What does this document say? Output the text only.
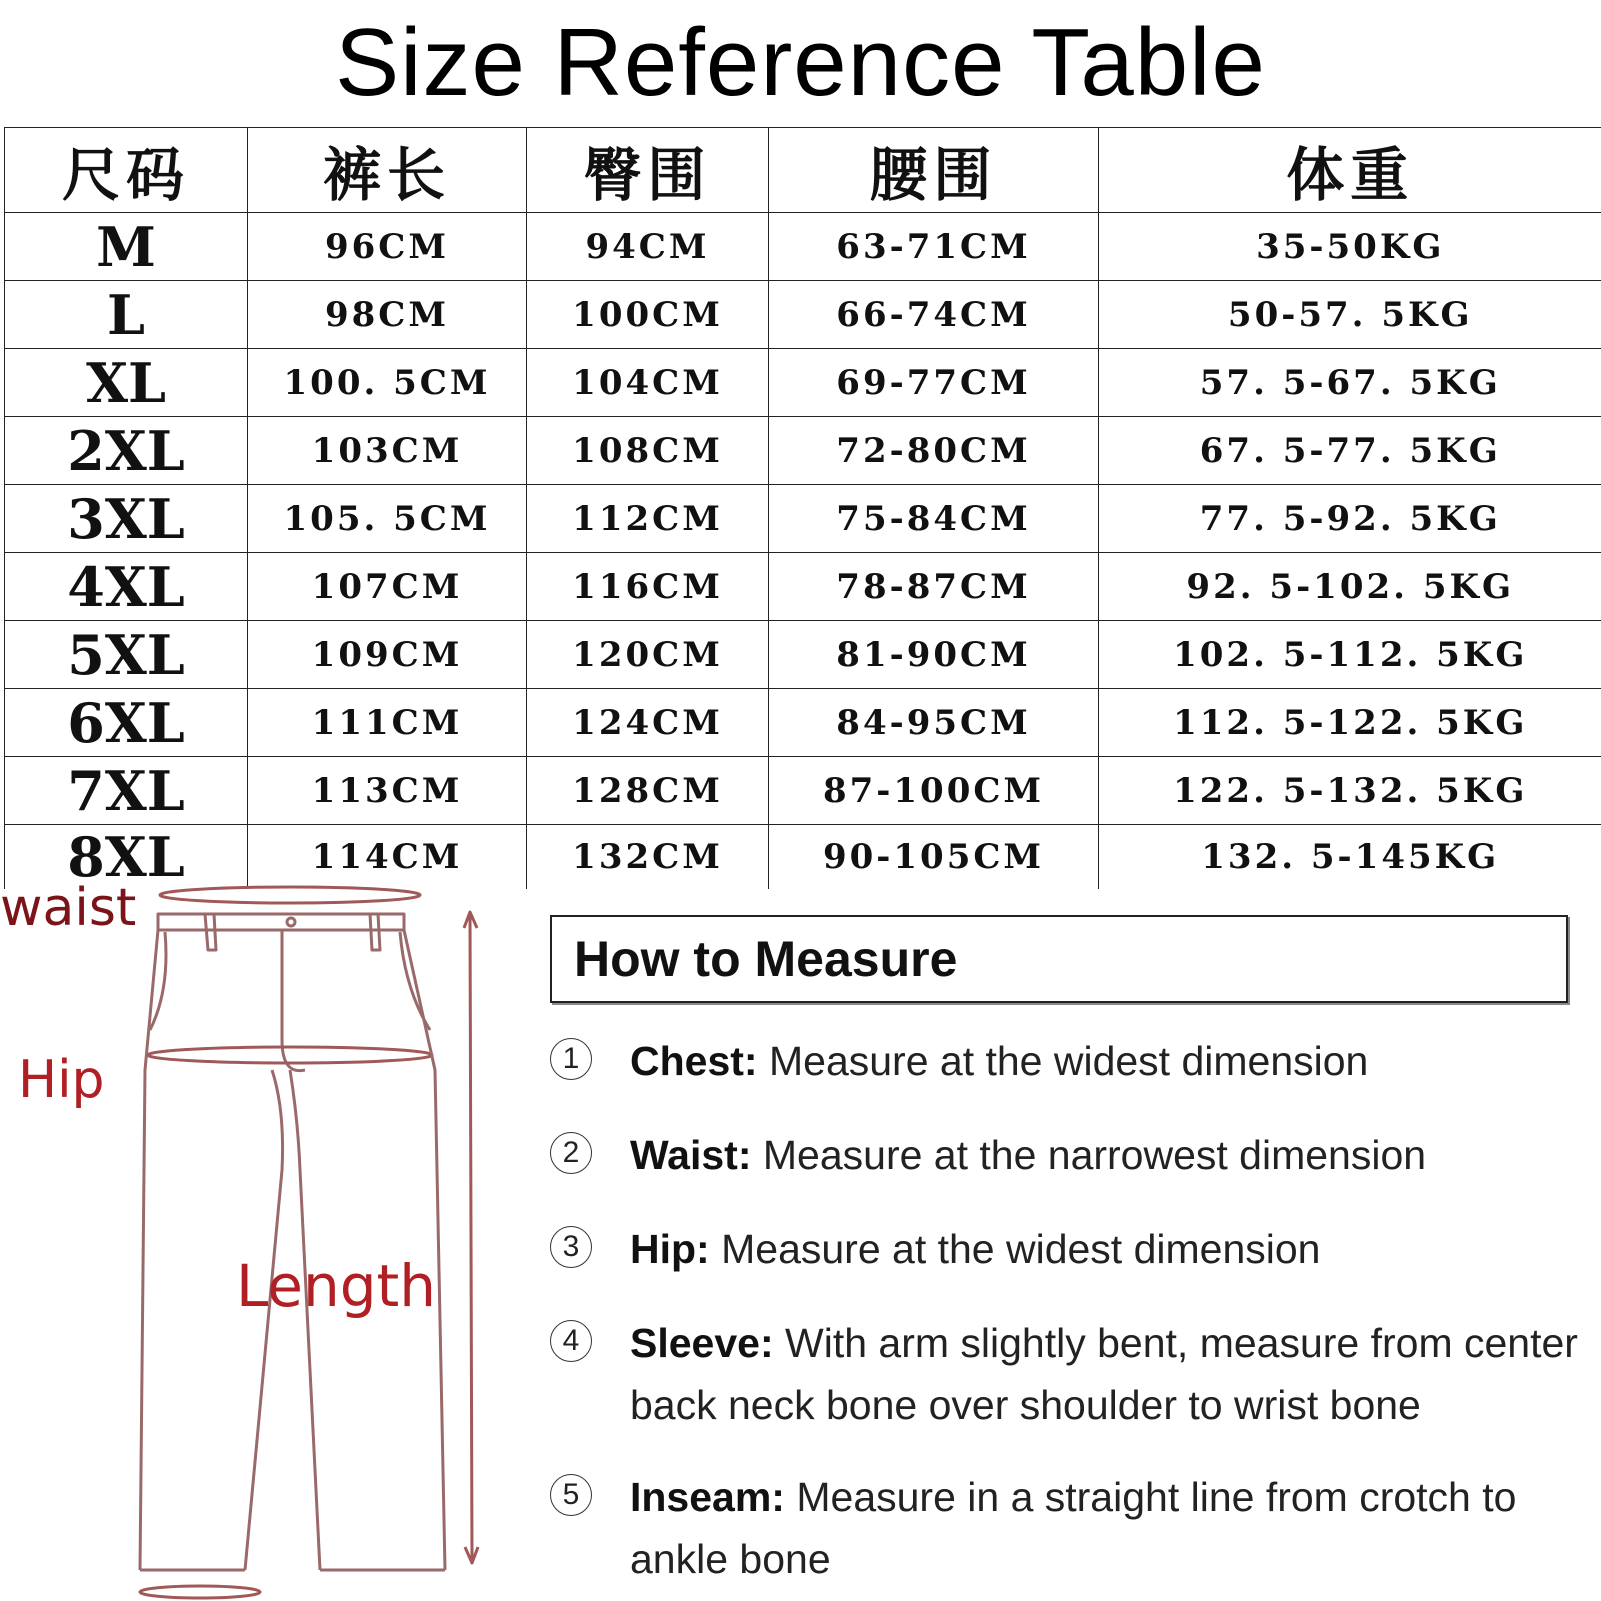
Size Reference Table
尺码	裤长	臀围	腰围	体重
M	96CM	94CM	63-71CM	35-50KG
L	98CM	100CM	66-74CM	50-57. 5KG
XL	100. 5CM	104CM	69-77CM	57. 5-67. 5KG
2XL	103CM	108CM	72-80CM	67. 5-77. 5KG
3XL	105. 5CM	112CM	75-84CM	77. 5-92. 5KG
4XL	107CM	116CM	78-87CM	92. 5-102. 5KG
5XL	109CM	120CM	81-90CM	102. 5-112. 5KG
6XL	111CM	124CM	84-95CM	112. 5-122. 5KG
7XL	113CM	128CM	87-100CM	122. 5-132. 5KG
8XL	114CM	132CM	90-105CM	132. 5-145KG
waist
Hip
Length
How to Measure
1	Chest: Measure at the widest dimension
2	Waist: Measure at the narrowest dimension
3	Hip: Measure at the widest dimension
4	Sleeve: With arm slightly bent, measure from center back neck bone over shoulder to wrist bone
5	Inseam: Measure in a straight line from crotch to ankle bone
